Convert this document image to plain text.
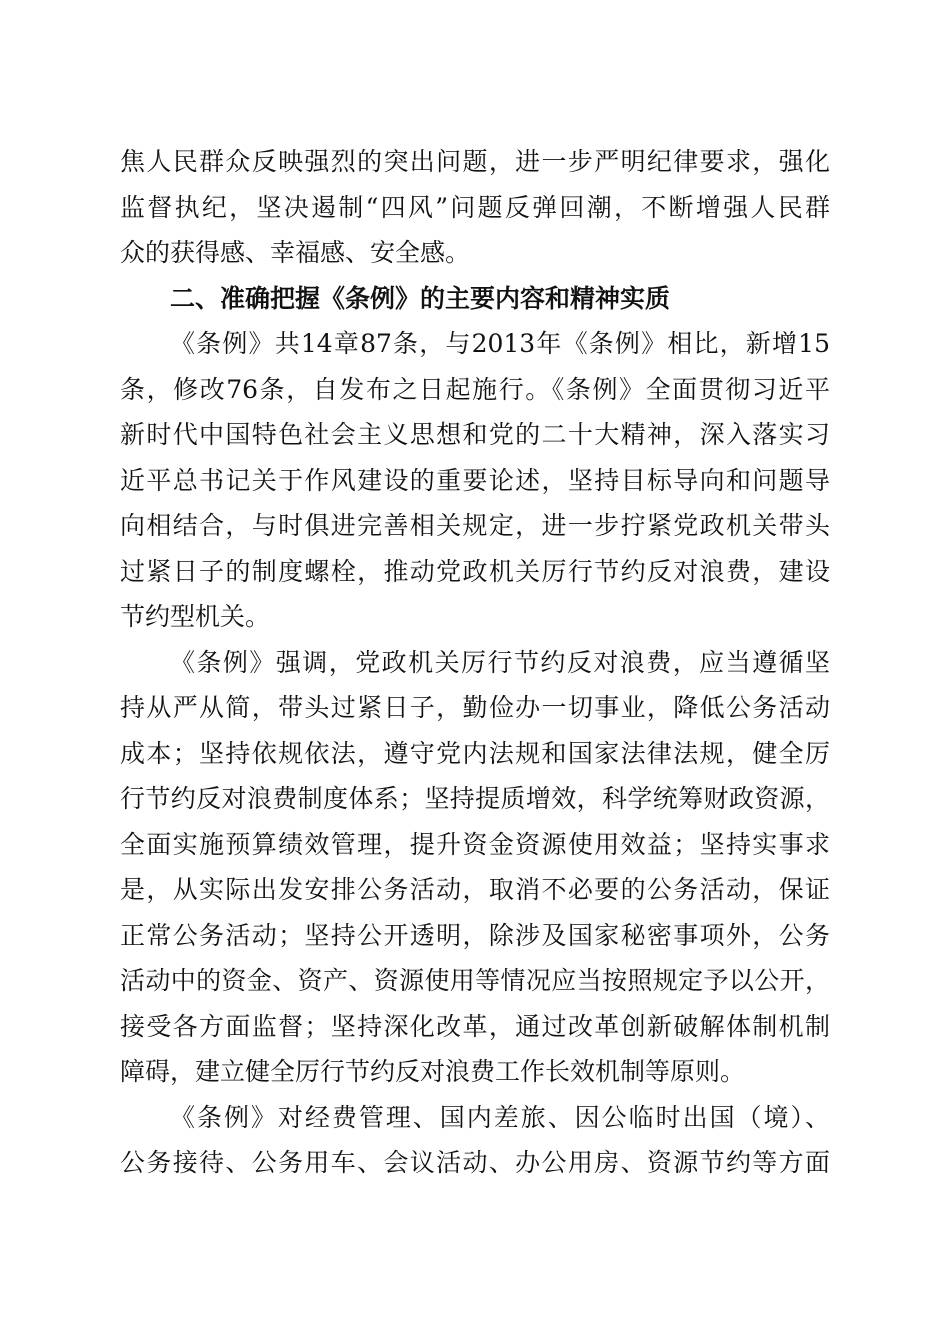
焦人民群众反映强烈的突出问题，进一步严明纪律要求，强化
监督执纪，坚决遏制“四风”问题反弹回潮，不断增强人民群
众的获得感、幸福感、安全感。
二、准确把握《条例》的主要内容和精神实质
《条例》共14章87条，与2013年《条例》相比，新增15
条，修改76条，自发布之日起施行。《条例》全面贯彻习近平
新时代中国特色社会主义思想和党的二十大精神，深入落实习
近平总书记关于作风建设的重要论述，坚持目标导向和问题导
向相结合，与时俱进完善相关规定，进一步拧紧党政机关带头
过紧日子的制度螺栓，推动党政机关厉行节约反对浪费，建设
节约型机关。
《条例》强调，党政机关厉行节约反对浪费，应当遵循坚
持从严从简，带头过紧日子，勤俭办一切事业，降低公务活动
成本；坚持依规依法，遵守党内法规和国家法律法规，健全厉
行节约反对浪费制度体系；坚持提质增效，科学统筹财政资源，
全面实施预算绩效管理，提升资金资源使用效益；坚持实事求
是，从实际出发安排公务活动，取消不必要的公务活动，保证
正常公务活动；坚持公开透明，除涉及国家秘密事项外，公务
活动中的资金、资产、资源使用等情况应当按照规定予以公开，
接受各方面监督；坚持深化改革，通过改革创新破解体制机制
障碍，建立健全厉行节约反对浪费工作长效机制等原则。
《条例》对经费管理、国内差旅、因公临时出国（境）、
公务接待、公务用车、会议活动、办公用房、资源节约等方面
